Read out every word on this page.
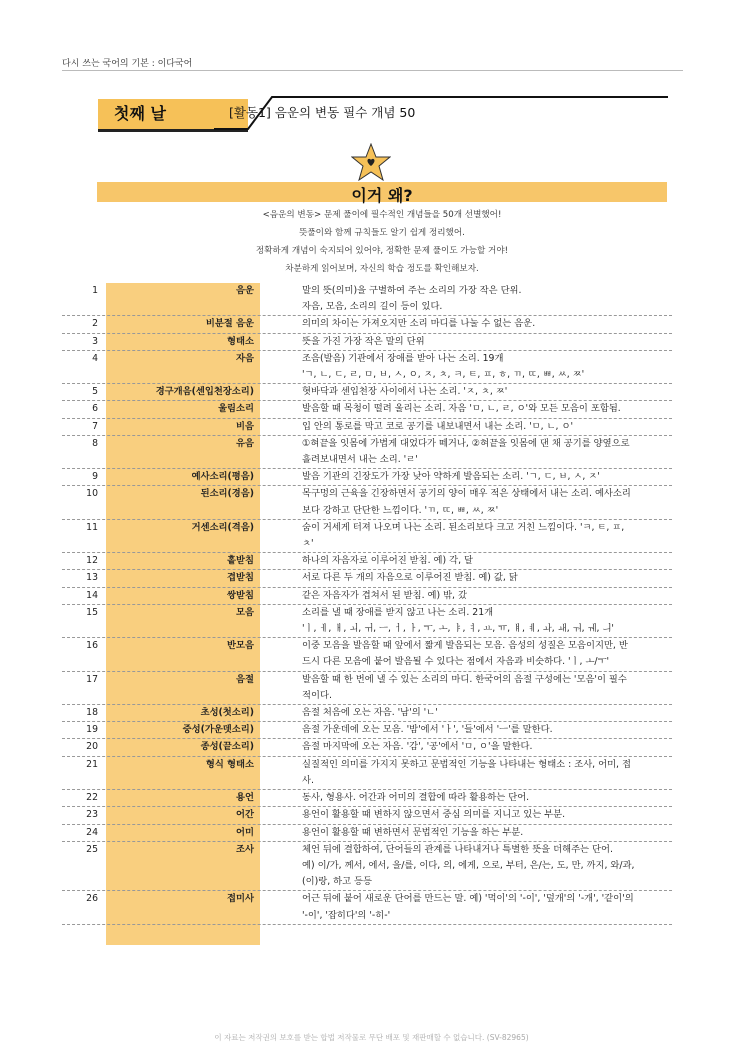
다시 쓰는 국어의 기본 : 이다국어
첫째 날	[활동1] 음운의 변동 필수 개념 50
이거 왜?
<음운의 변동> 문제 풀이에 필수적인 개념들을 50개 선별했어!
뜻풀이와 함께 규칙들도 알기 쉽게 정리했어.
정확하게 개념이 숙지되어 있어야, 정확한 문제 풀이도 가능할 거야!
차분하게 읽어보며, 자신의 학습 정도를 확인해보자.
1	음운	말의 뜻(의미)을 구별하여 주는 소리의 가장 작은 단위.
자음, 모음, 소리의 길이 등이 있다.
2	비분절 음운	의미의 차이는 가져오지만 소리 마디를 나눌 수 없는 음운.
3	형태소	뜻을 가진 가장 작은 말의 단위
4	자음	조음(발음) 기관에서 장애를 받아 나는 소리. 19개
'ㄱ, ㄴ, ㄷ, ㄹ, ㅁ, ㅂ, ㅅ, ㅇ, ㅈ, ㅊ, ㅋ, ㅌ, ㅍ, ㅎ, ㄲ, ㄸ, ㅃ, ㅆ, ㅉ'
5	경구개음(센입천장소리)	혓바닥과 센입천장 사이에서 나는 소리. 'ㅈ, ㅊ, ㅉ'
6	울림소리	발음할 때 목청이 떨려 울리는 소리. 자음 'ㅁ, ㄴ, ㄹ, ㅇ'와 모든 모음이 포함됨.
7	비음	입 안의 통로를 막고 코로 공기를 내보내면서 내는 소리. 'ㅁ, ㄴ, ㅇ'
8	유음	①혀끝을 잇몸에 가볍게 대었다가 떼거나, ②혀끝을 잇몸에 댄 채 공기를 양옆으로
흘려보내면서 내는 소리. 'ㄹ'
9	예사소리(평음)	발음 기관의 긴장도가 가장 낮아 약하게 발음되는 소리. 'ㄱ, ㄷ, ㅂ, ㅅ, ㅈ'
10	된소리(경음)	목구멍의 근육을 긴장하면서 공기의 양이 매우 적은 상태에서 내는 소리. 예사소리
보다 강하고 단단한 느낌이다. 'ㄲ, ㄸ, ㅃ, ㅆ, ㅉ'
11	거센소리(격음)	숨이 거세게 터져 나오며 나는 소리. 된소리보다 크고 거친 느낌이다. 'ㅋ, ㅌ, ㅍ,
ㅊ'
12	홑받침	하나의 자음자로 이루어진 받침. 예) 각, 달
13	겹받침	서로 다른 두 개의 자음으로 이루어진 받침. 예) 값, 닭
14	쌍받침	같은 자음자가 겹쳐서 된 받침. 예) 밖, 갔
15	모음	소리를 낼 때 장애를 받지 않고 나는 소리. 21개
'ㅣ, ㅔ, ㅐ, ㅚ, ㅟ, ㅡ, ㅓ, ㅏ, ㅜ, ㅗ, ㅑ, ㅕ, ㅛ, ㅠ, ㅒ, ㅖ, ㅘ, ㅙ, ㅝ, ㅞ, ㅢ'
16	반모음	이중 모음을 발음할 때 앞에서 짧게 발음되는 모음. 음성의 성질은 모음이지만, 반
드시 다른 모음에 붙어 발음될 수 있다는 점에서 자음과 비슷하다. 'ㅣ, ㅗ/ㅜ'
17	음절	발음할 때 한 번에 낼 수 있는 소리의 마디. 한국어의 음절 구성에는 '모음'이 필수
적이다.
18	초성(첫소리)	음절 처음에 오는 자음. '남'의 'ㄴ'
19	중성(가운뎃소리)	음절 가운데에 오는 모음. '밤'에서 'ㅏ', '들'에서 'ㅡ'를 말한다.
20	종성(끝소리)	음절 마지막에 오는 자음. '감', '공'에서 'ㅁ, ㅇ'을 말한다.
21	형식 형태소	실질적인 의미를 가지지 못하고 문법적인 기능을 나타내는 형태소 : 조사, 어미, 접
사.
22	용언	동사, 형용사. 어간과 어미의 결합에 따라 활용하는 단어.
23	어간	용언이 활용할 때 변하지 않으면서 중심 의미를 지니고 있는 부분.
24	어미	용언이 활용할 때 변하면서 문법적인 기능을 하는 부분.
25	조사	체언 뒤에 결합하여, 단어들의 관계를 나타내거나 특별한 뜻을 더해주는 단어.
예) 이/가, 께서, 에서, 을/를, 이다, 의, 에게, 으로, 부터, 은/는, 도, 만, 까지, 와/과,
(이)랑, 하고 등등
26	접미사	어근 뒤에 붙어 새로운 단어를 만드는 말. 예) '먹이'의 '-이', '덮개'의 '-개', '같이'의
'-이', '잡히다'의 '-히-'
이 자료는 저작권의 보호를 받는 합법 저작물로 무단 배포 및 재판매할 수 없습니다. (SV-82965)
